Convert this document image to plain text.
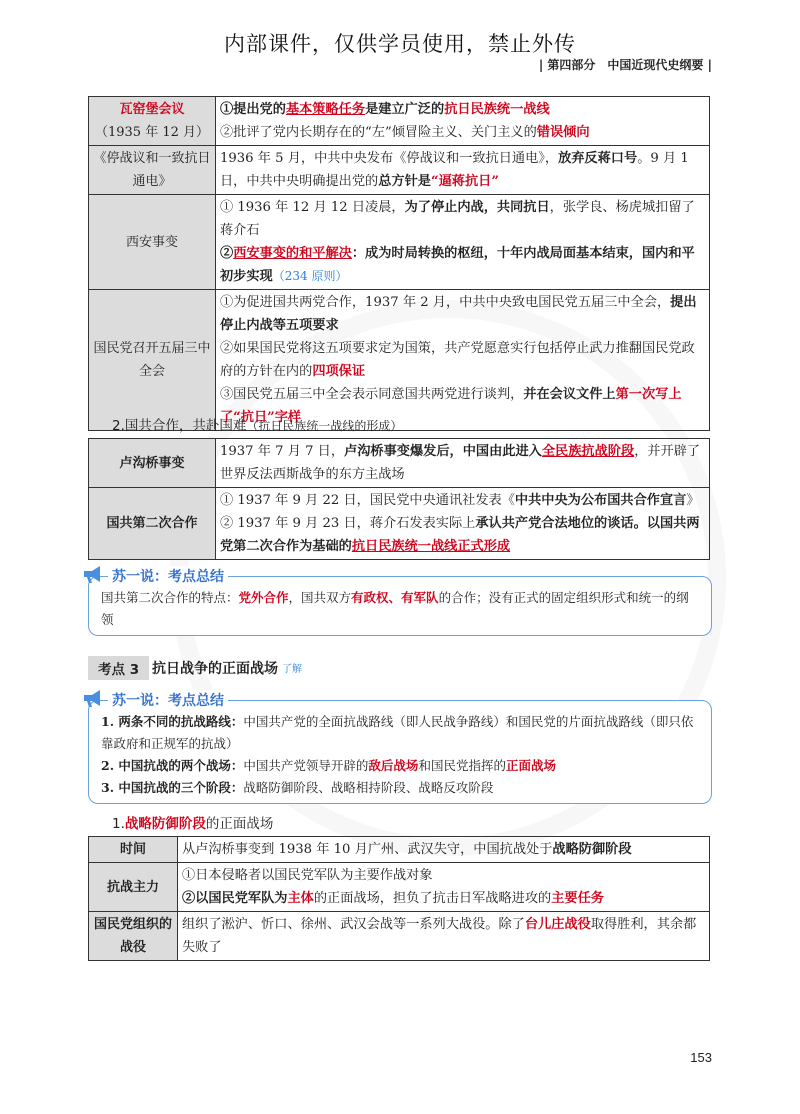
内部课件，仅供学员使用，禁止外传
| 第四部分　中国近现代史纲要 |
瓦窑堡会议
（1935 年 12 月）	①提出党的基本策略任务是建立广泛的抗日民族统一战线
②批评了党内长期存在的“左”倾冒险主义、关门主义的错误倾向
《停战议和一致抗日通电》	1936 年 5 月，中共中央发布《停战议和一致抗日通电》，放弃反蒋口号。9 月 1 日，中共中央明确提出党的总方针是“逼蒋抗日”
西安事变	① 1936 年 12 月 12 日凌晨，为了停止内战，共同抗日，张学良、杨虎城扣留了蒋介石
②西安事变的和平解决：成为时局转换的枢纽，十年内战局面基本结束，国内和平初步实现（234 原则）
国民党召开五届三中全会	①为促进国共两党合作，1937 年 2 月，中共中央致电国民党五届三中全会，提出停止内战等五项要求
②如果国民党将这五项要求定为国策，共产党愿意实行包括停止武力推翻国民党政府的方针在内的四项保证
③国民党五届三中全会表示同意国共两党进行谈判，并在会议文件上第一次写上了“抗日”字样
2.国共合作，共赴国难（抗日民族统一战线的形成）
卢沟桥事变	1937 年 7 月 7 日，卢沟桥事变爆发后，中国由此进入全民族抗战阶段，并开辟了世界反法西斯战争的东方主战场
国共第二次合作	① 1937 年 9 月 22 日，国民党中央通讯社发表《中共中央为公布国共合作宣言》
② 1937 年 9 月 23 日，蒋介石发表实际上承认共产党合法地位的谈话。以国共两党第二次合作为基础的抗日民族统一战线正式形成
国共第二次合作的特点：党外合作，国共双方有政权、有军队的合作；没有正式的固定组织形式和统一的纲领
苏一说：考点总结
考点 3 抗日战争的正面战场 了解
1. 两条不同的抗战路线：中国共产党的全面抗战路线（即人民战争路线）和国民党的片面抗战路线（即只依靠政府和正规军的抗战）
2. 中国抗战的两个战场：中国共产党领导开辟的敌后战场和国民党指挥的正面战场
3. 中国抗战的三个阶段：战略防御阶段、战略相持阶段、战略反攻阶段
苏一说：考点总结
1.战略防御阶段的正面战场
时间	从卢沟桥事变到 1938 年 10 月广州、武汉失守，中国抗战处于战略防御阶段
抗战主力	①日本侵略者以国民党军队为主要作战对象
②以国民党军队为主体的正面战场，担负了抗击日军战略进攻的主要任务
国民党组织的战役	组织了淞沪、忻口、徐州、武汉会战等一系列大战役。除了台儿庄战役取得胜利，其余都失败了
153
